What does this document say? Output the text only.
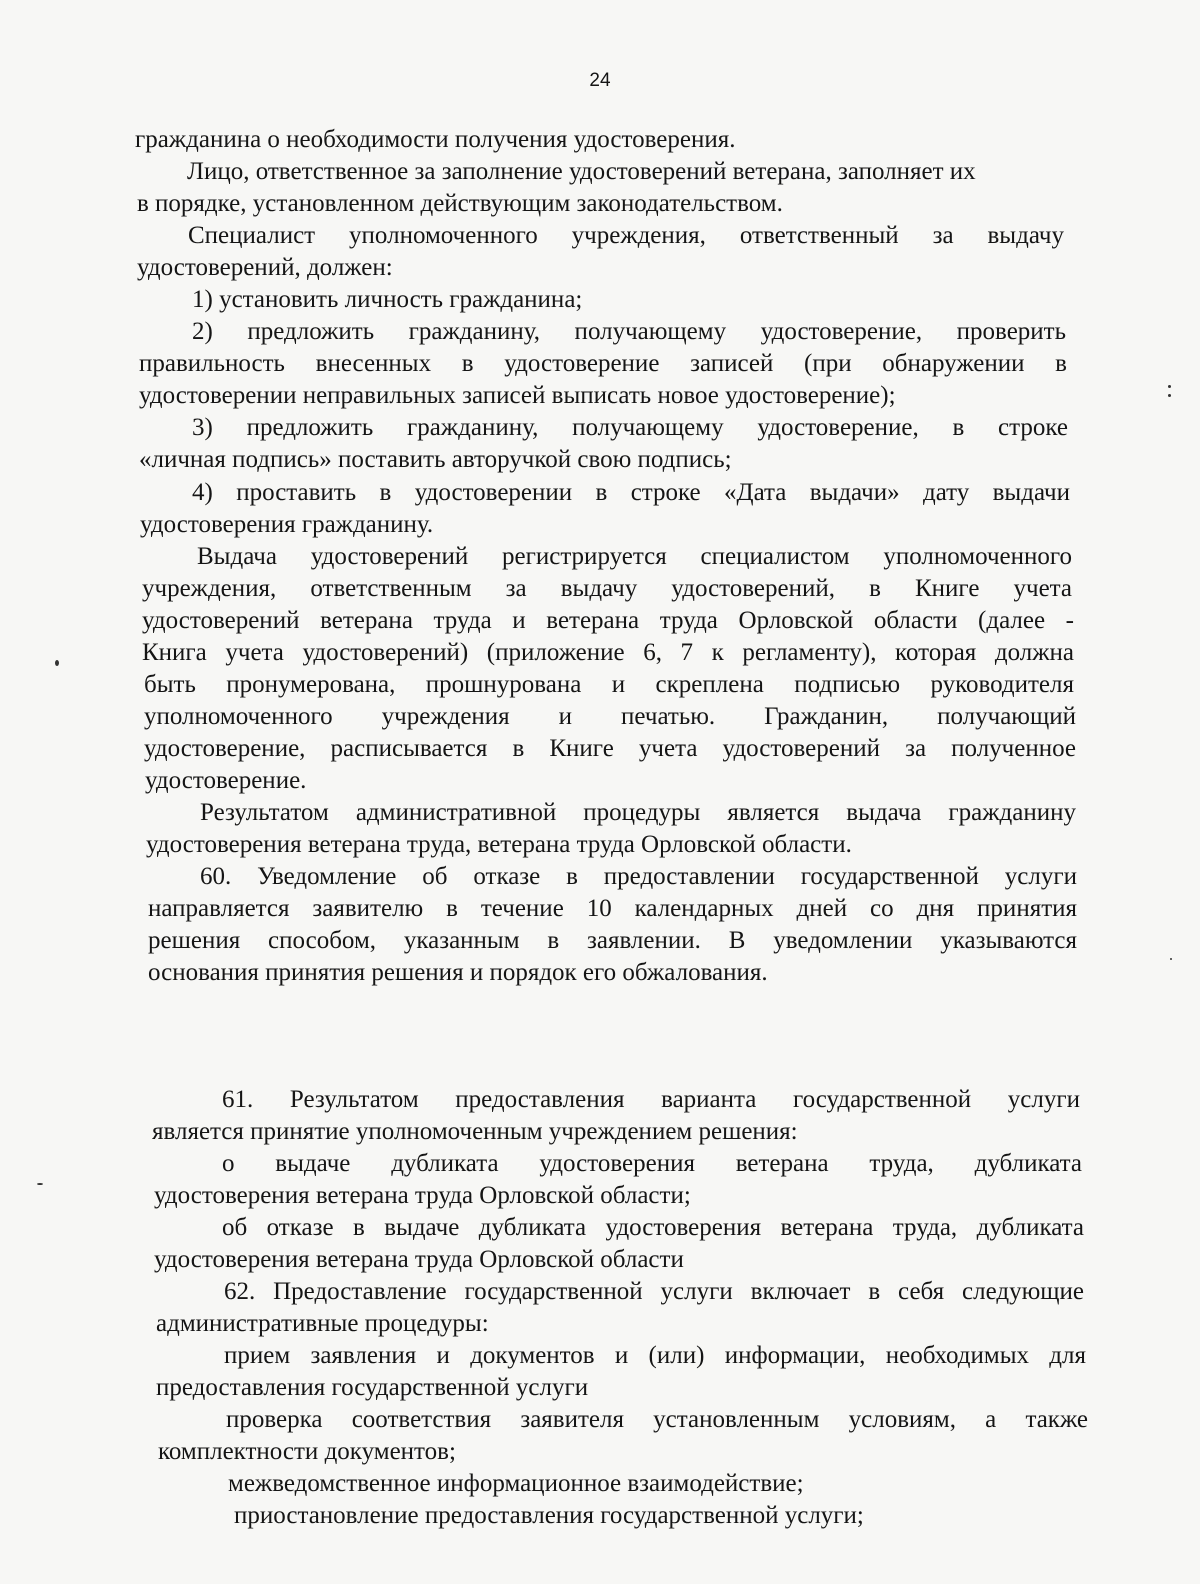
24
гражданина о необходимости получения удостоверения.
Лицо, ответственное за заполнение удостоверений ветерана, заполняет их
в порядке, установленном действующим законодательством.
Специалист уполномоченного учреждения, ответственный за выдачу
удостоверений, должен:
1) установить личность гражданина;
2) предложить гражданину, получающему удостоверение, проверить
правильность внесенных в удостоверение записей (при обнаружении в
удостоверении неправильных записей выписать новое удостоверение);
3) предложить гражданину, получающему удостоверение, в строке
«личная подпись» поставить авторучкой свою подпись;
4) проставить в удостоверении в строке «Дата выдачи» дату выдачи
удостоверения гражданину.
Выдача удостоверений регистрируется специалистом уполномоченного
учреждения, ответственным за выдачу удостоверений, в Книге учета
удостоверений ветерана труда и ветерана труда Орловской области (далее -
Книга учета удостоверений) (приложение 6, 7 к регламенту), которая должна
быть пронумерована, прошнурована и скреплена подписью руководителя
уполномоченного учреждения и печатью. Гражданин, получающий
удостоверение, расписывается в Книге учета удостоверений за полученное
удостоверение.
Результатом административной процедуры является выдача гражданину
удостоверения ветерана труда, ветерана труда Орловской области.
60. Уведомление об отказе в предоставлении государственной услуги
направляется заявителю в течение 10 календарных дней со дня принятия
решения способом, указанным в заявлении. В уведомлении указываются
основания принятия решения и порядок его обжалования.
61. Результатом предоставления варианта государственной услуги
является принятие уполномоченным учреждением решения:
о выдаче дубликата удостоверения ветерана труда, дубликата
удостоверения ветерана труда Орловской области;
об отказе в выдаче дубликата удостоверения ветерана труда, дубликата
удостоверения ветерана труда Орловской области
62. Предоставление государственной услуги включает в себя следующие
административные процедуры:
прием заявления и документов и (или) информации, необходимых для
предоставления государственной услуги
проверка соответствия заявителя установленным условиям, а также
комплектности документов;
межведомственное информационное взаимодействие;
приостановление предоставления государственной услуги;
